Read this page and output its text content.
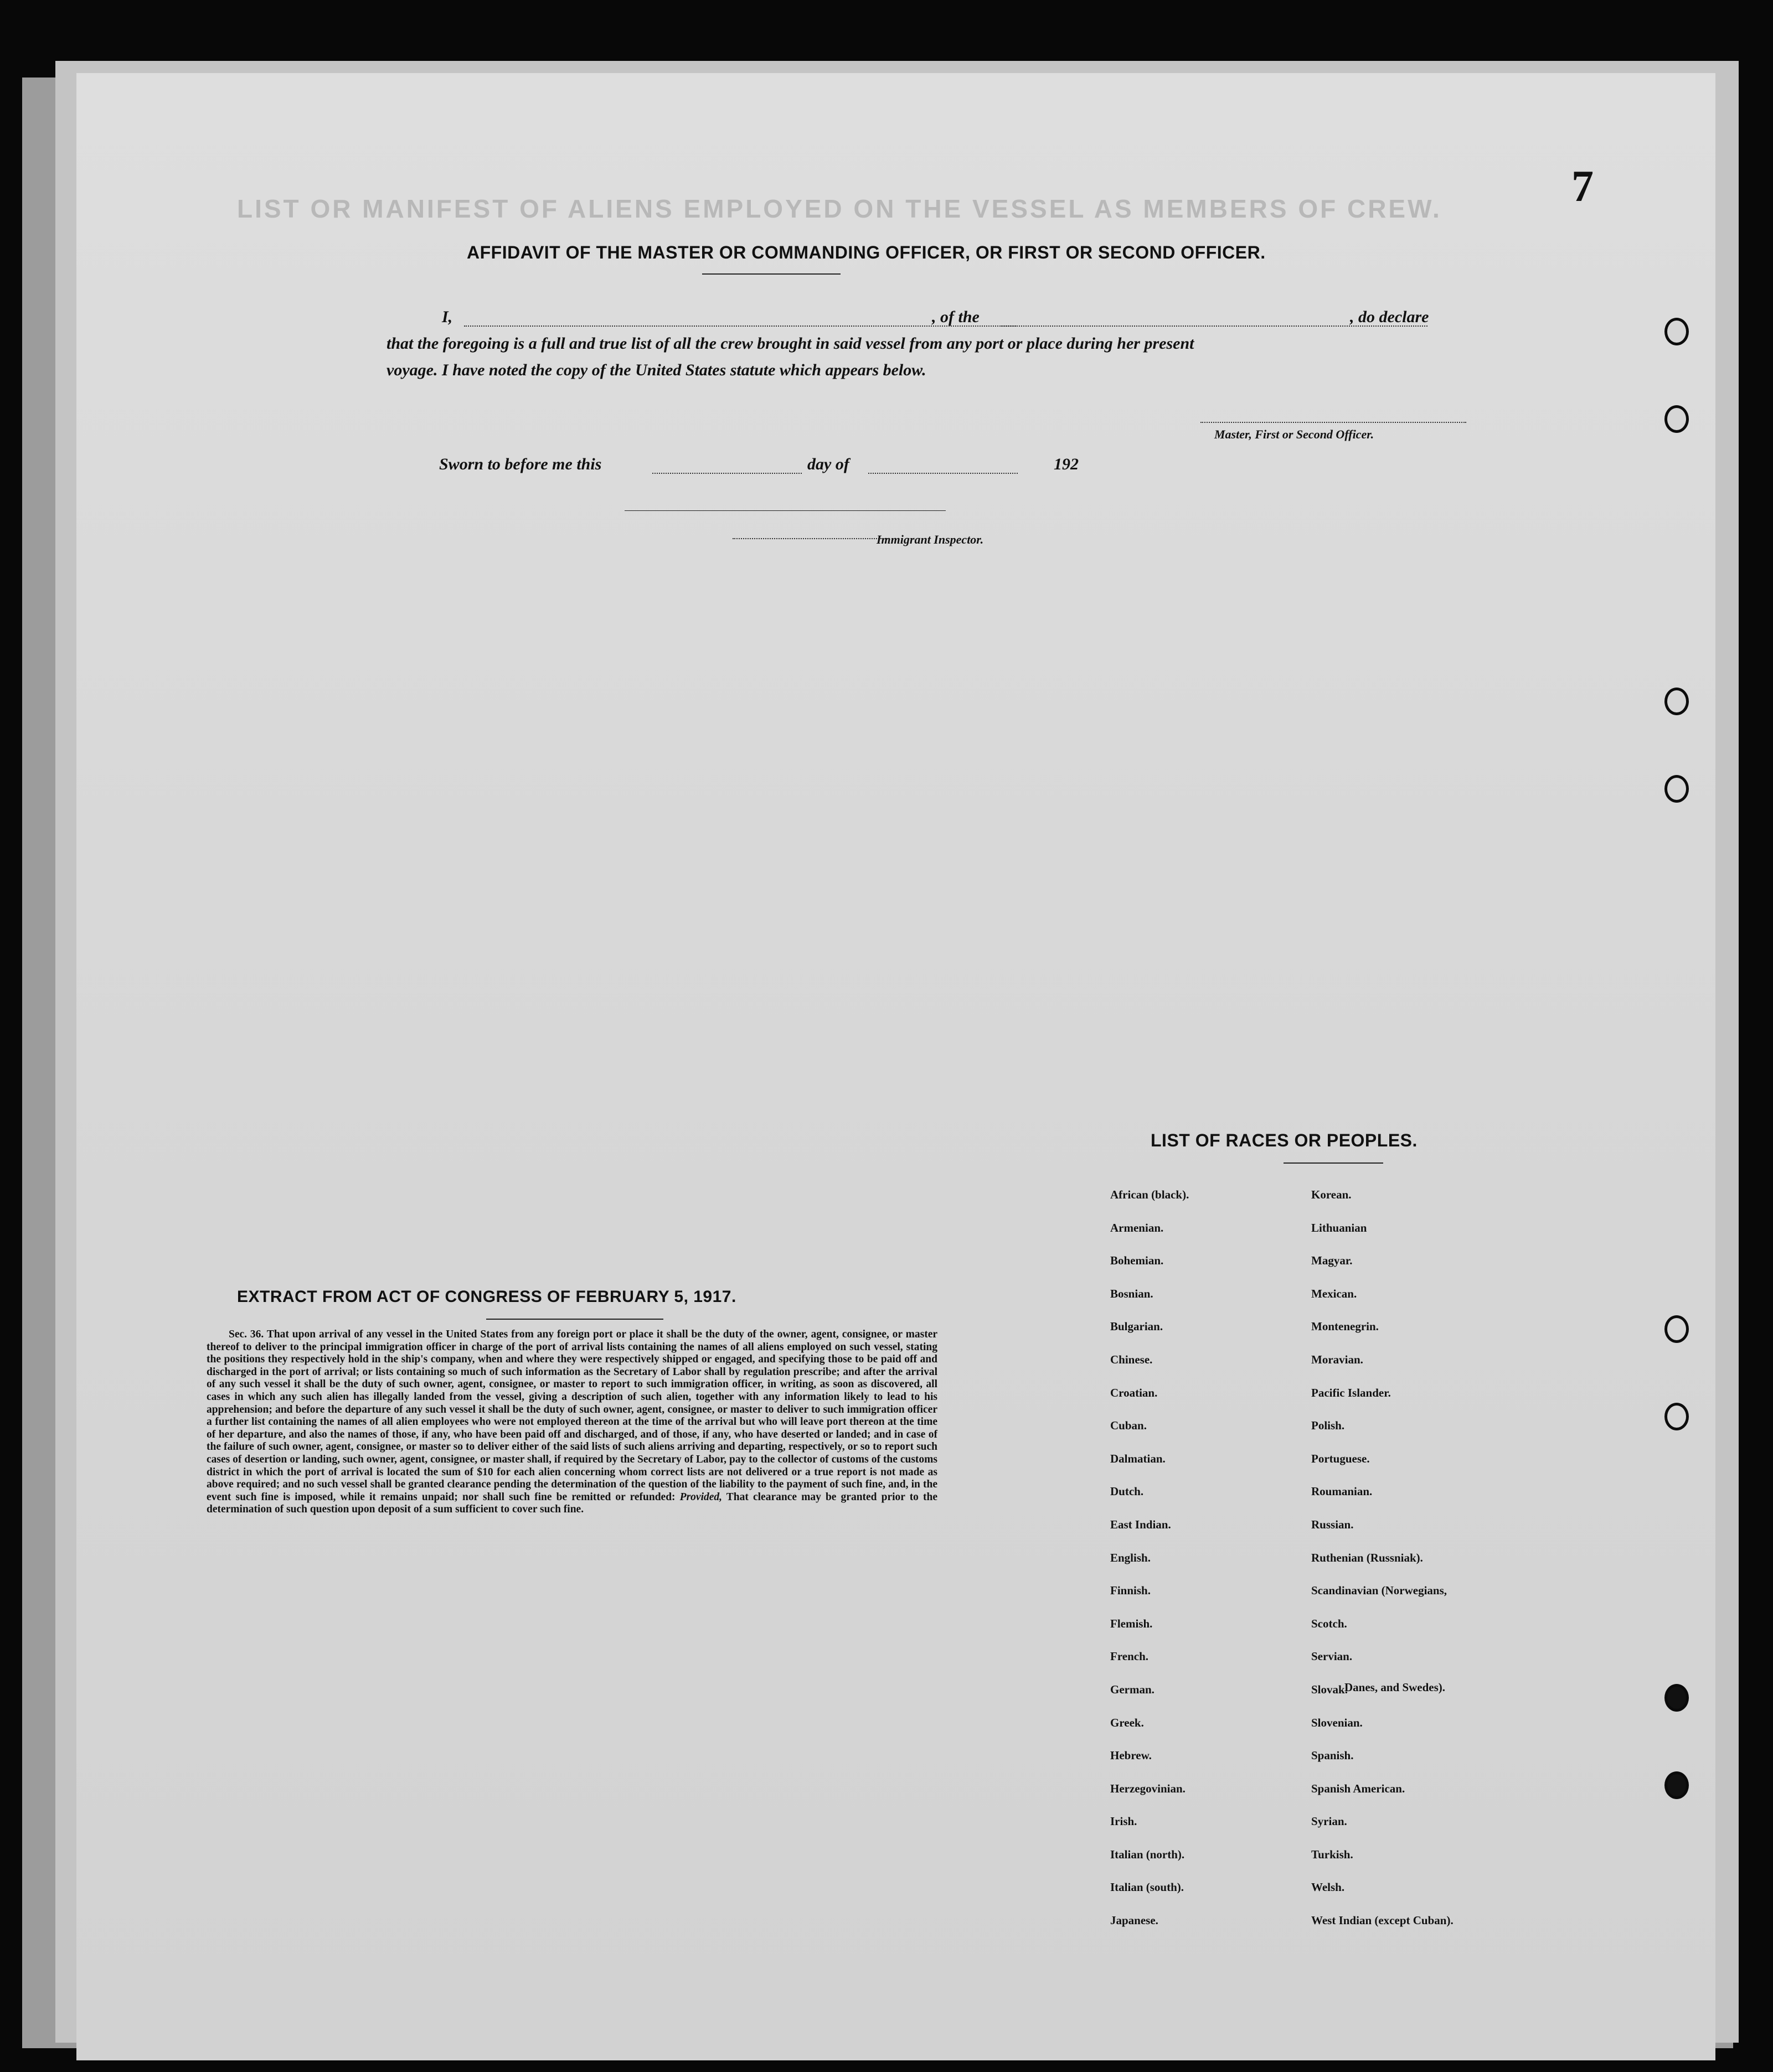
LIST OR MANIFEST OF ALIENS EMPLOYED ON THE VESSEL AS MEMBERS OF CREW.	7
AFFIDAVIT OF THE MASTER OR COMMANDING OFFICER, OR FIRST OR SECOND OFFICER.
I,	, of the	, do declare
that the foregoing is a full and true list of all the crew brought in said vessel from any port or place during her present
voyage. I have noted the copy of the United States statute which appears below.
Master, First or Second Officer.
Sworn to before me this	day of	192
Immigrant Inspector.
EXTRACT FROM ACT OF CONGRESS OF FEBRUARY 5, 1917.
Sec. 36. That upon arrival of any vessel in the United States from any foreign port or place it shall be the duty of the owner, agent, consignee, or master thereof to deliver to the principal immigration officer in charge of the port of arrival lists containing the names of all aliens employed on such vessel, stating the positions they respectively hold in the ship's company, when and where they were respectively shipped or engaged, and specifying those to be paid off and discharged in the port of arrival; or lists containing so much of such information as the Secretary of Labor shall by regulation prescribe; and after the arrival of any such vessel it shall be the duty of such owner, agent, consignee, or master to report to such immigration officer, in writing, as soon as discovered, all cases in which any such alien has illegally landed from the vessel, giving a description of such alien, together with any information likely to lead to his apprehension; and before the departure of any such vessel it shall be the duty of such owner, agent, consignee, or master to deliver to such immigration officer a further list containing the names of all alien employees who were not employed thereon at the time of the arrival but who will leave port thereon at the time of her departure, and also the names of those, if any, who have been paid off and discharged, and of those, if any, who have deserted or landed; and in case of the failure of such owner, agent, consignee, or master so to deliver either of the said lists of such aliens arriving and departing, respectively, or so to report such cases of desertion or landing, such owner, agent, consignee, or master shall, if required by the Secretary of Labor, pay to the collector of customs of the customs district in which the port of arrival is located the sum of $10 for each alien concerning whom correct lists are not delivered or a true report is not made as above required; and no such vessel shall be granted clearance pending the determination of the question of the liability to the payment of such fine, and, in the event such fine is imposed, while it remains unpaid; nor shall such fine be remitted or refunded: Provided, That clearance may be granted prior to the determination of such question upon deposit of a sum sufficient to cover such fine.
LIST OF RACES OR PEOPLES.
African (black).
Armenian.
Bohemian.
Bosnian.
Bulgarian.
Chinese.
Croatian.
Cuban.
Dalmatian.
Dutch.
East Indian.
English.
Finnish.
Flemish.
French.
German.
Greek.
Hebrew.
Herzegovinian.
Irish.
Italian (north).
Italian (south).
Japanese.
Korean.
Lithuanian
Magyar.
Mexican.
Montenegrin.
Moravian.
Pacific Islander.
Polish.
Portuguese.
Roumanian.
Russian.
Ruthenian (Russniak).
Scandinavian (Norwegians,
Scotch.
Servian.
Slovak.
Slovenian.
Spanish.
Spanish American.
Syrian.
Turkish.
Welsh.
West Indian (except Cuban).
Danes, and Swedes).
